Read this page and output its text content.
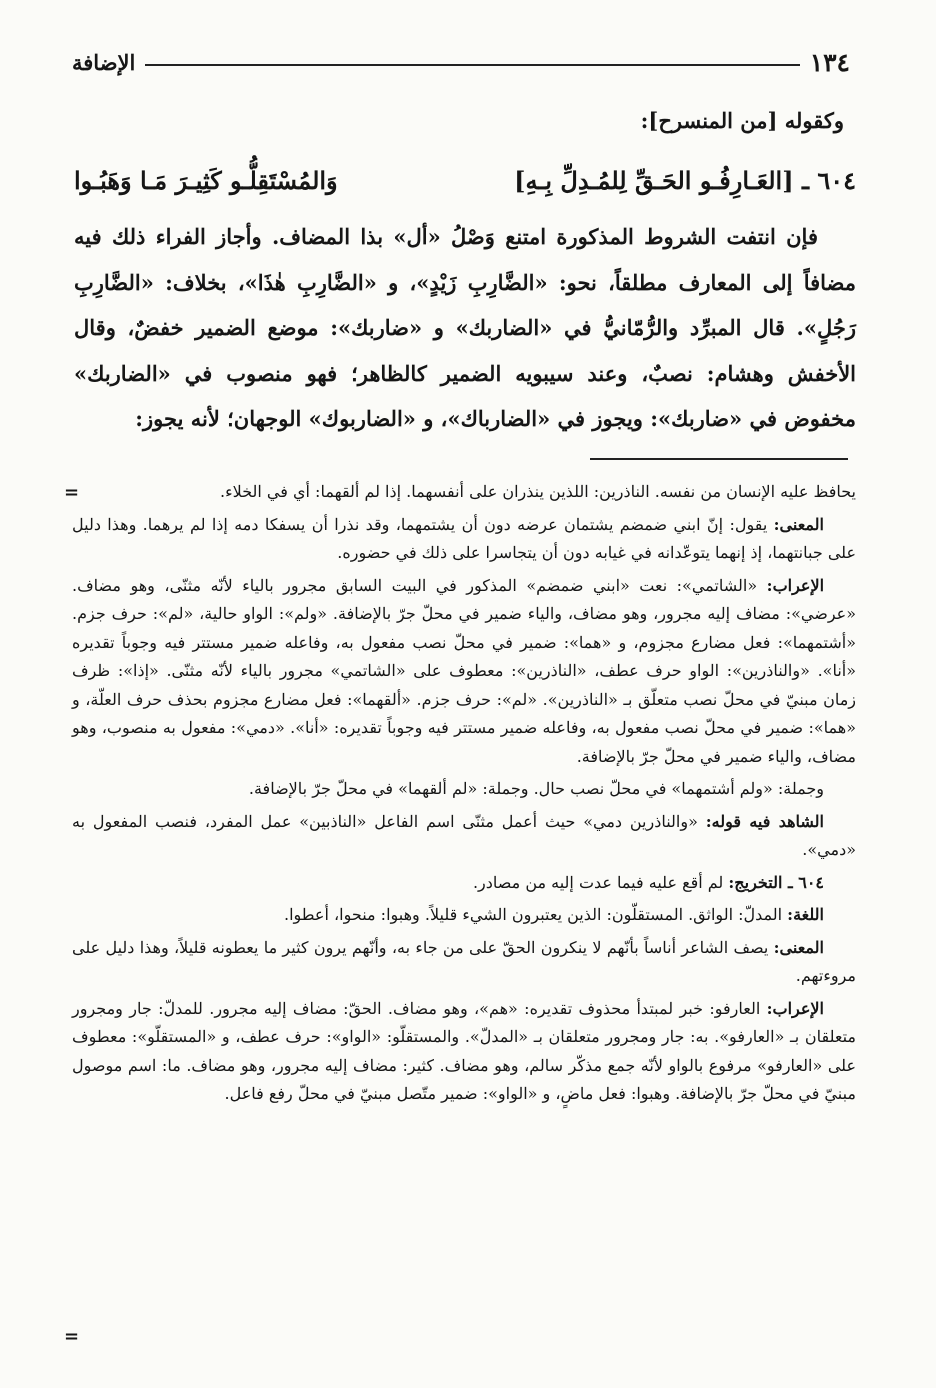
١٣٤
الإضافة
وكقوله [من المنسرح]:
٦٠٤ ـ [العَـارِفُـو الحَـقِّ لِلمُـدِلِّ بِـهِ]
وَالمُسْتَقِلُّـو كَثِيـرَ مَـا وَهَبُـوا

فإن انتفت الشروط المذكورة امتنع وَصْلُ «أل» بذا المضاف. وأجاز الفراء ذلك فيه مضافاً إلى المعارف مطلقاً، نحو: «الضَّارِبِ زَيْدٍ»، و «الضَّارِبِ هٰذَا»، بخلاف: «الضَّارِبِ رَجُلٍ». قال المبرِّد والرُّمّانيُّ في «الضاربك» و «ضاربك»: موضع الضمير خفضٌ، وقال الأخفش وهشام: نصبٌ، وعند سيبويه الضمير كالظاهر؛ فهو منصوب في «الضاربك» مخفوض في «ضاربك»: ويجوز في «الضارباك»، و «الضاربوك» الوجهان؛ لأنه يجوز:

=	يحافظ عليه الإنسان من نفسه. الناذرين: اللذين ينذران على أنفسهما. إذا لم ألقهما: أي في الخلاء.

المعنى: يقول: إنّ ابني ضمضم يشتمان عرضه دون أن يشتمهما، وقد نذرا أن يسفكا دمه إذا لم يرهما. وهذا دليل على جبانتهما، إذ إنهما يتوعّدانه في غيابه دون أن يتجاسرا على ذلك في حضوره.

الإعراب: «الشاتمي»: نعت «ابني ضمضم» المذكور في البيت السابق مجرور بالياء لأنّه مثنّى، وهو مضاف. «عرضي»: مضاف إليه مجرور، وهو مضاف، والياء ضمير في محلّ جرّ بالإضافة. «ولم»: الواو حالية، «لم»: حرف جزم. «أشتمهما»: فعل مضارع مجزوم، و «هما»: ضمير في محلّ نصب مفعول به، وفاعله ضمير مستتر فيه وجوباً تقديره «أنا». «والناذرين»: الواو حرف عطف، «الناذرين»: معطوف على «الشاتمي» مجرور بالياء لأنّه مثنّى. «إذا»: ظرف زمان مبنيّ في محلّ نصب متعلّق بـ «الناذرين». «لم»: حرف جزم. «ألقهما»: فعل مضارع مجزوم بحذف حرف العلّة، و «هما»: ضمير في محلّ نصب مفعول به، وفاعله ضمير مستتر فيه وجوباً تقديره: «أنا». «دمي»: مفعول به منصوب، وهو مضاف، والياء ضمير في محلّ جرّ بالإضافة.

وجملة: «ولم أشتمهما» في محلّ نصب حال. وجملة: «لم ألقهما» في محلّ جرّ بالإضافة.

الشاهد فيه قوله: «والناذرين دمي» حيث أعمل مثنّى اسم الفاعل «الناذبين» عمل المفرد، فنصب المفعول به «دمي».

٦٠٤ ـ التخريج: لم أقع عليه فيما عدت إليه من مصادر.

اللغة: المدلّ: الواثق. المستقلّون: الذين يعتبرون الشيء قليلاً. وهبوا: منحوا، أعطوا.

المعنى: يصف الشاعر أناساً بأنّهم لا ينكرون الحقّ على من جاء به، وأنّهم يرون كثير ما يعطونه قليلاً، وهذا دليل على مروءتهم.

الإعراب: العارفو: خبر لمبتدأ محذوف تقديره: «هم»، وهو مضاف. الحقّ: مضاف إليه مجرور. للمدلّ: جار ومجرور متعلقان بـ «العارفو». به: جار ومجرور متعلقان بـ «المدلّ». والمستقلّو: «الواو»: حرف عطف، و «المستقلّو»: معطوف على «العارفو» مرفوع بالواو لأنّه جمع مذكّر سالم، وهو مضاف. كثير: مضاف إليه مجرور، وهو مضاف. ما: اسم موصول مبنيّ في محلّ جرّ بالإضافة. وهبوا: فعل ماضٍ، و «الواو»: ضمير متّصل مبنيّ في محلّ رفع فاعل.

=
